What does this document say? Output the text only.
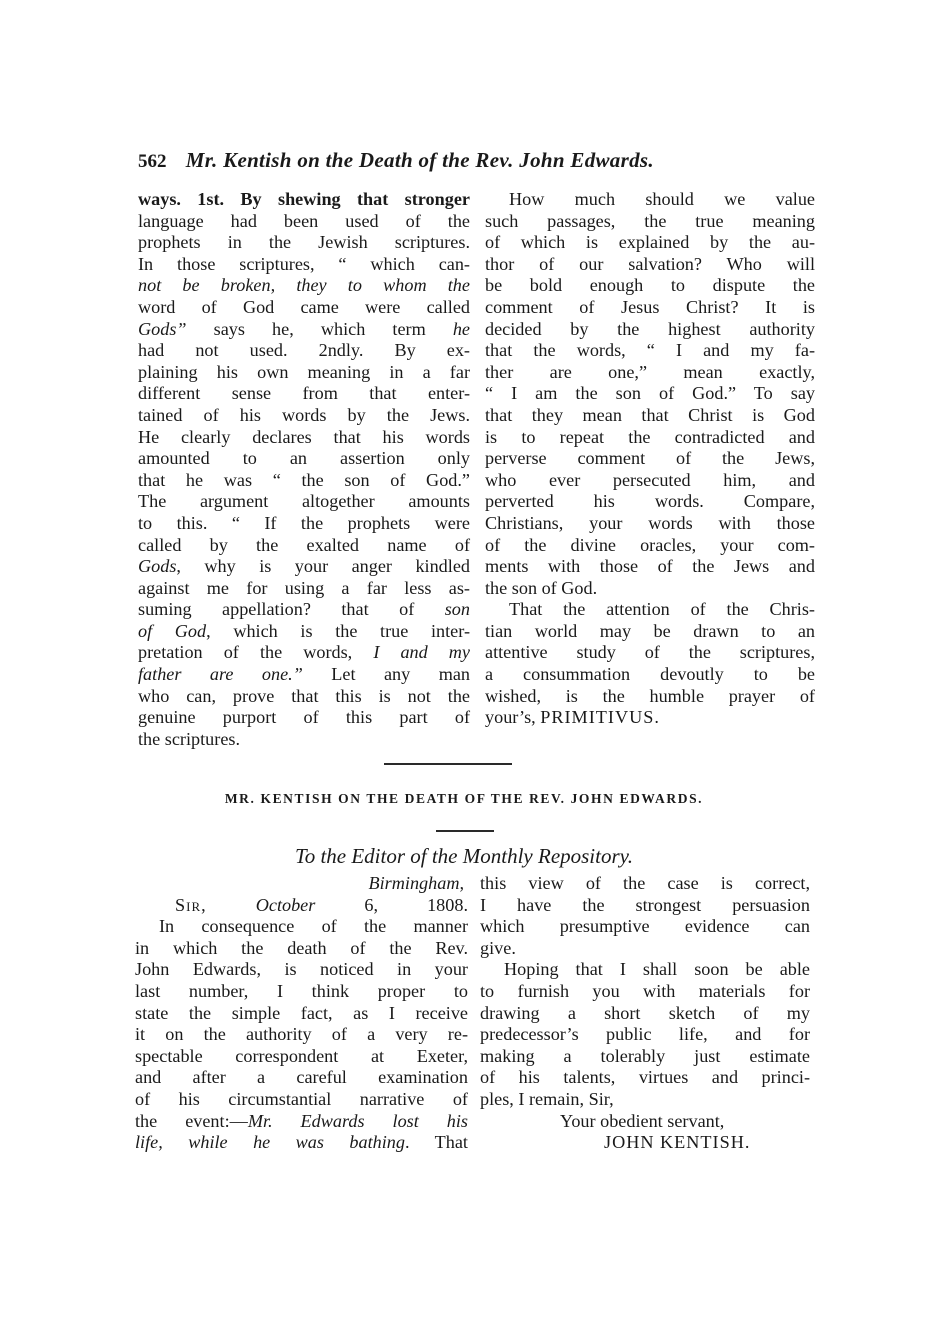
562 Mr. Kentish on the Death of the Rev. John Edwards.
ways. 1st. By shewing that stronger
language had been used of the
prophets in the Jewish scriptures.
In those scriptures, “ which can-
not be broken, they to whom the
word of God came were called
Gods” says he, which term he
had not used. 2ndly. By ex-
plaining his own meaning in a far
different sense from that enter-
tained of his words by the Jews.
He clearly declares that his words
amounted to an assertion only
that he was “ the son of God.”
The argument altogether amounts
to this. “ If the prophets were
called by the exalted name of
Gods, why is your anger kindled
against me for using a far less as-
suming appellation? that of son
of God, which is the true inter-
pretation of the words, I and my
father are one.” Let any man
who can, prove that this is not the
genuine purport of this part of
the scriptures.
How much should we value
such passages, the true meaning
of which is explained by the au-
thor of our salvation? Who will
be bold enough to dispute the
comment of Jesus Christ? It is
decided by the highest authority
that the words, “ I and my fa-
ther are one,” mean exactly,
“ I am the son of God.” To say
that they mean that Christ is God
is to repeat the contradicted and
perverse comment of the Jews,
who ever persecuted him, and
perverted his words. Compare,
Christians, your words with those
of the divine oracles, your com-
ments with those of the Jews and
the son of God.
That the attention of the Chris-
tian world may be drawn to an
attentive study of the scriptures,
a consummation devoutly to be
wished, is the humble prayer of
your’s, PRIMITIVUS.
MR. KENTISH ON THE DEATH OF THE REV. JOHN EDWARDS.
To the Editor of the Monthly Repository.
Birmingham,
Sir,	October 6, 1808.
In consequence of the manner
in which the death of the Rev.
John Edwards, is noticed in your
last number, I think proper to
state the simple fact, as I receive
it on the authority of a very re-
spectable correspondent at Exeter,
and after a careful examination
of his circumstantial narrative of
the event:—Mr. Edwards lost his
life, while he was bathing. That
this view of the case is correct,
I have the strongest persuasion
which presumptive evidence can
give.
Hoping that I shall soon be able
to furnish you with materials for
drawing a short sketch of my
predecessor’s public life, and for
making a tolerably just estimate
of his talents, virtues and princi-
ples, I remain, Sir,
Your obedient servant,
JOHN KENTISH.
